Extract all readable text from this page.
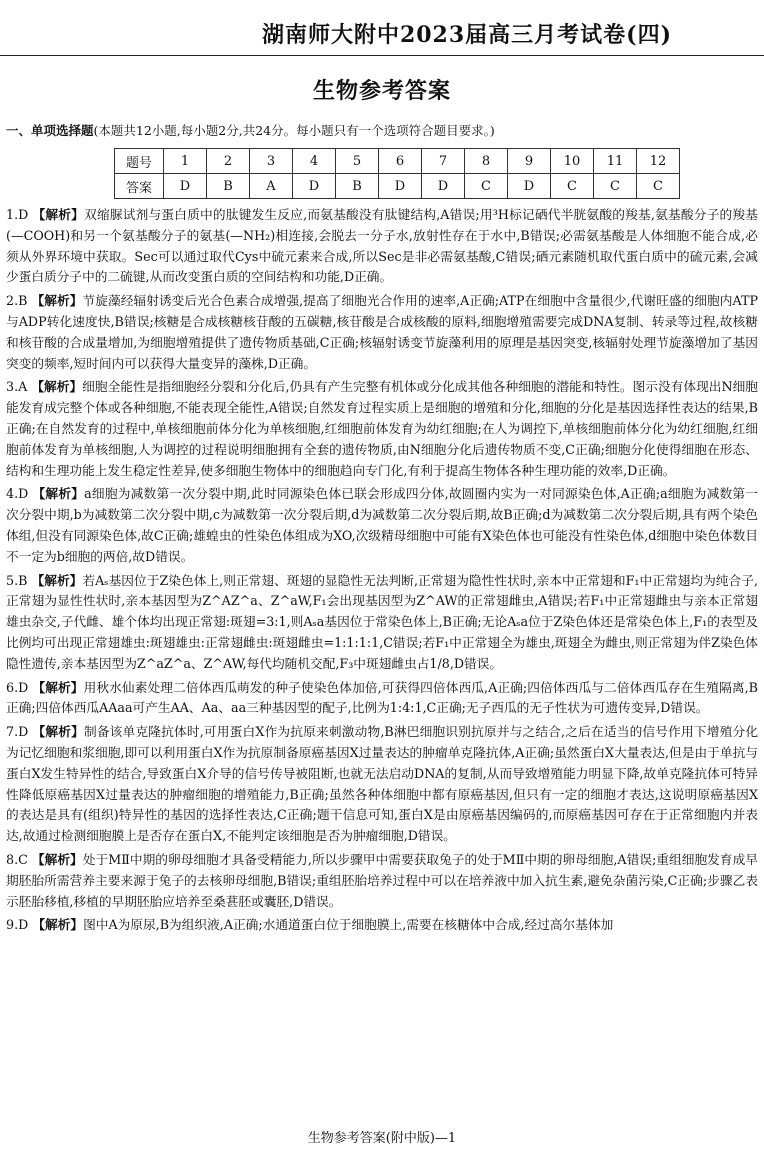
湖南师大附中2023届高三月考试卷(四)
生物参考答案
一、单项选择题(本题共12小题,每小题2分,共24分。每小题只有一个选项符合题目要求。)
题号	1	2	3	4	5	6	7	8	9	10	11	12
答案	D	B	A	D	B	D	D	C	D	C	C	C

1.D 【解析】双缩脲试剂与蛋白质中的肽键发生反应,而氨基酸没有肽键结构,A错误;用³H标记硒代半胱氨酸的羧基,氨基酸分子的羧基(—COOH)和另一个氨基酸分子的氨基(—NH₂)相连接,会脱去一分子水,放射性存在于水中,B错误;必需氨基酸是人体细胞不能合成,必须从外界环境中获取。Sec可以通过取代Cys中硫元素来合成,所以Sec是非必需氨基酸,C错误;硒元素随机取代蛋白质中的硫元素,会减少蛋白质分子中的二硫键,从而改变蛋白质的空间结构和功能,D正确。

2.B 【解析】节旋藻经辐射诱变后光合色素合成增强,提高了细胞光合作用的速率,A正确;ATP在细胞中含量很少,代谢旺盛的细胞内ATP与ADP转化速度快,B错误;核糖是合成核糖核苷酸的五碳糖,核苷酸是合成核酸的原料,细胞增殖需要完成DNA复制、转录等过程,故核糖和核苷酸的合成量增加,为细胞增殖提供了遗传物质基础,C正确;核辐射诱变节旋藻利用的原理是基因突变,核辐射处理节旋藻增加了基因突变的频率,短时间内可以获得大量变异的藻株,D正确。

3.A 【解析】细胞全能性是指细胞经分裂和分化后,仍具有产生完整有机体或分化成其他各种细胞的潜能和特性。图示没有体现出N细胞能发育成完整个体或各种细胞,不能表现全能性,A错误;自然发育过程实质上是细胞的增殖和分化,细胞的分化是基因选择性表达的结果,B正确;在自然发育的过程中,单核细胞前体分化为单核细胞,红细胞前体发育为幼红细胞;在人为调控下,单核细胞前体分化为幼红细胞,红细胞前体发育为单核细胞,人为调控的过程说明细胞拥有全套的遗传物质,由N细胞分化后遗传物质不变,C正确;细胞分化使得细胞在形态、结构和生理功能上发生稳定性差异,使多细胞生物体中的细胞趋向专门化,有利于提高生物体各种生理功能的效率,D正确。

4.D 【解析】a细胞为减数第一次分裂中期,此时同源染色体已联会形成四分体,故圆圈内实为一对同源染色体,A正确;a细胞为减数第一次分裂中期,b为减数第二次分裂中期,c为减数第一次分裂后期,d为减数第二次分裂后期,故B正确;d为减数第二次分裂后期,具有两个染色体组,但没有同源染色体,故C正确;雄蝗虫的性染色体组成为XO,次级精母细胞中可能有X染色体也可能没有性染色体,d细胞中染色体数目不一定为b细胞的两倍,故D错误。

5.B 【解析】若Aₛ基因位于Z染色体上,则正常翅、斑翅的显隐性无法判断,正常翅为隐性性状时,亲本中正常翅和F₁中正常翅均为纯合子,正常翅为显性性状时,亲本基因型为Z^AZ^a、Z^aW,F₁会出现基因型为Z^AW的正常翅雌虫,A错误;若F₁中正常翅雌虫与亲本正常翅雄虫杂交,子代雌、雄个体均出现正常翅:斑翅=3:1,则Aₛa基因位于常染色体上,B正确;无论Aₛa位于Z染色体还是常染色体上,F₁的表型及比例均可出现正常翅雄虫:斑翅雄虫:正常翅雌虫:斑翅雌虫=1:1:1:1,C错误;若F₁中正常翅全为雄虫,斑翅全为雌虫,则正常翅为伴Z染色体隐性遗传,亲本基因型为Z^aZ^a、Z^AW,每代均随机交配,F₃中斑翅雌虫占1/8,D错误。

6.D 【解析】用秋水仙素处理二倍体西瓜萌发的种子使染色体加倍,可获得四倍体西瓜,A正确;四倍体西瓜与二倍体西瓜存在生殖隔离,B正确;四倍体西瓜AAaa可产生AA、Aa、aa三种基因型的配子,比例为1:4:1,C正确;无子西瓜的无子性状为可遗传变异,D错误。

7.D 【解析】制备该单克隆抗体时,可用蛋白X作为抗原来刺激动物,B淋巴细胞识别抗原并与之结合,之后在适当的信号作用下增殖分化为记忆细胞和浆细胞,即可以利用蛋白X作为抗原制备原癌基因X过量表达的肿瘤单克隆抗体,A正确;虽然蛋白X大量表达,但是由于单抗与蛋白X发生特异性的结合,导致蛋白X介导的信号传导被阻断,也就无法启动DNA的复制,从而导致增殖能力明显下降,故单克隆抗体可特异性降低原癌基因X过量表达的肿瘤细胞的增殖能力,B正确;虽然各种体细胞中都有原癌基因,但只有一定的细胞才表达,这说明原癌基因X的表达是具有(组织)特异性的基因的选择性表达,C正确;题干信息可知,蛋白X是由原癌基因编码的,而原癌基因可存在于正常细胞内并表达,故通过检测细胞膜上是否存在蛋白X,不能判定该细胞是否为肿瘤细胞,D错误。

8.C 【解析】处于MⅡ中期的卵母细胞才具备受精能力,所以步骤甲中需要获取兔子的处于MⅡ中期的卵母细胞,A错误;重组细胞发育成早期胚胎所需营养主要来源于兔子的去核卵母细胞,B错误;重组胚胎培养过程中可以在培养液中加入抗生素,避免杂菌污染,C正确;步骤乙表示胚胎移植,移植的早期胚胎应培养至桑葚胚或囊胚,D错误。

9.D 【解析】图中A为原尿,B为组织液,A正确;水通道蛋白位于细胞膜上,需要在核糖体中合成,经过高尔基体加

生物参考答案(附中版)—1
